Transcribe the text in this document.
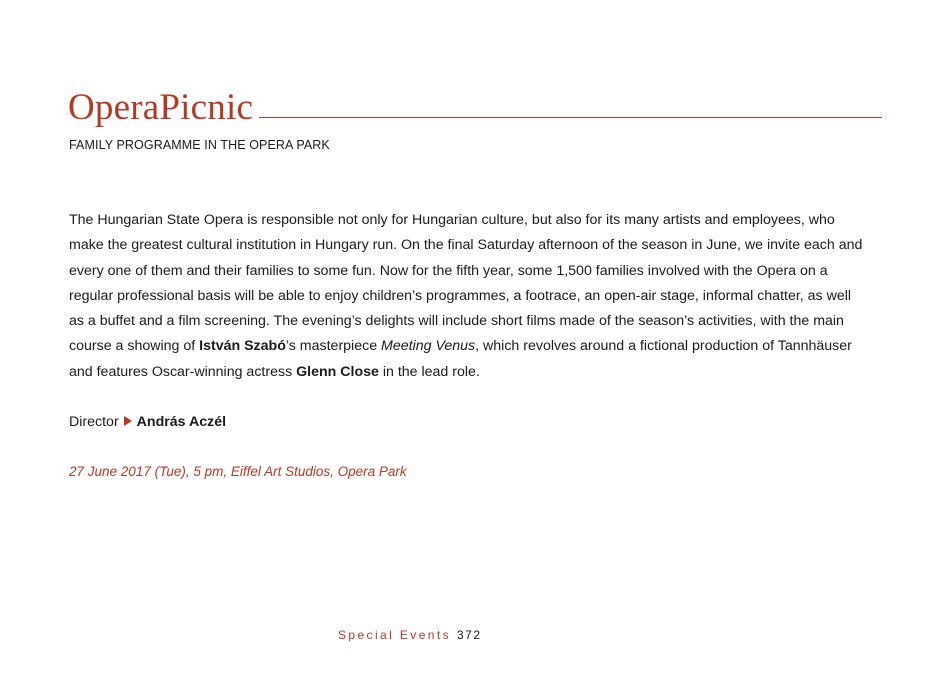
OperaPicnic
FAMILY PROGRAMME IN THE OPERA PARK

The Hungarian State Opera is responsible not only for Hungarian culture, but also for its many artists and employees, who make the greatest cultural institution in Hungary run. On the final Saturday afternoon of the season in June, we invite each and every one of them and their families to some fun. Now for the fifth year, some 1,500 families involved with the Opera on a regular professional basis will be able to enjoy children’s programmes, a footrace, an open-air stage, informal chatter, as well as a buffet and a film screening. The evening’s delights will include short films made of the season’s activities, with the main course a showing of István Szabó’s masterpiece Meeting Venus, which revolves around a fictional production of Tannhäuser and features Oscar-winning actress Glenn Close in the lead role.

Director András Aczél
27 June 2017 (Tue), 5 pm, Eiffel Art Studios, Opera Park
Special Events 372
